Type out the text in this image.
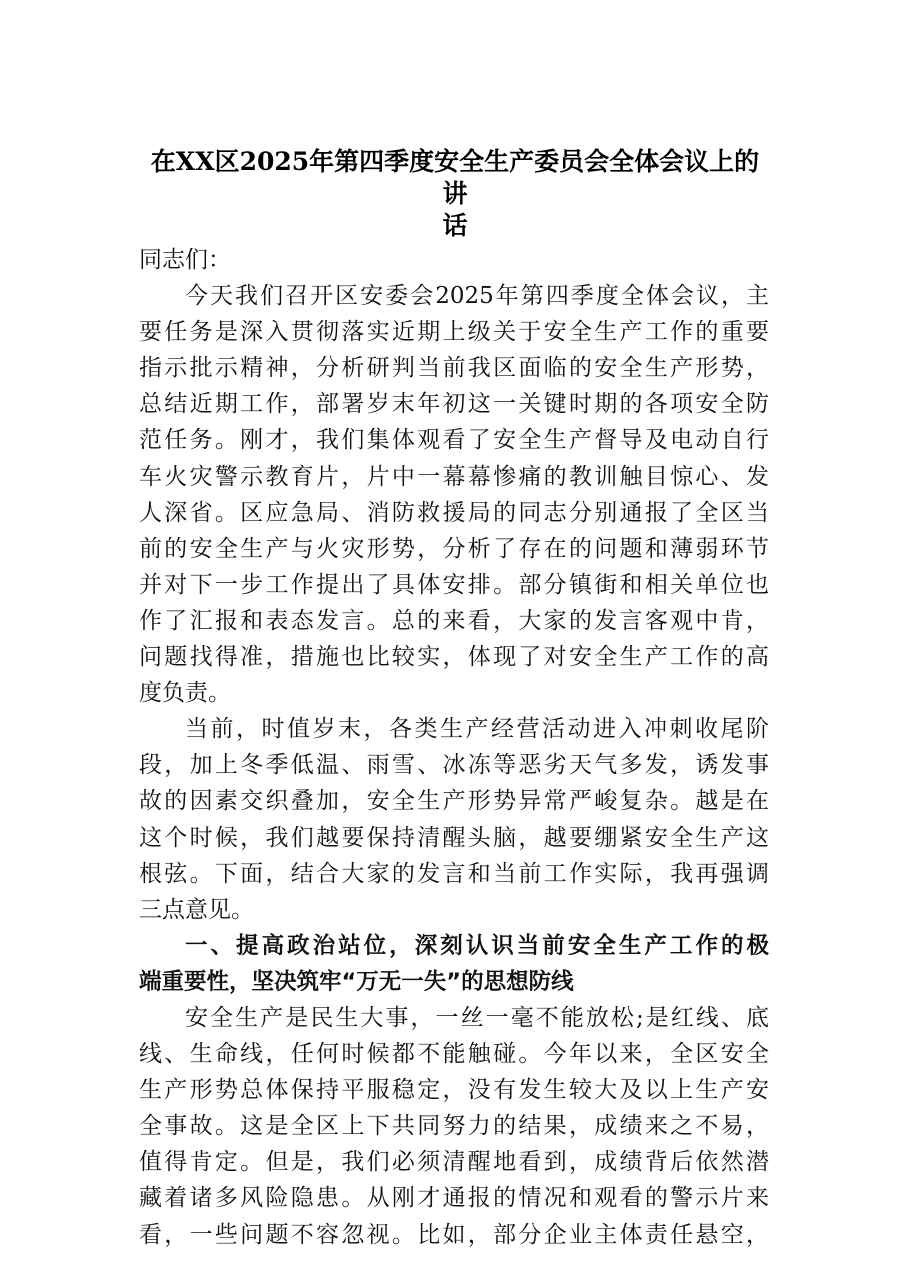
在XX区2025年第四季度安全生产委员会全体会议上的讲
话
同志们：
今天我们召开区安委会2025年第四季度全体会议，主
要任务是深入贯彻落实近期上级关于安全生产工作的重要
指示批示精神，分析研判当前我区面临的安全生产形势，
总结近期工作，部署岁末年初这一关键时期的各项安全防
范任务。刚才，我们集体观看了安全生产督导及电动自行
车火灾警示教育片，片中一幕幕惨痛的教训触目惊心、发
人深省。区应急局、消防救援局的同志分别通报了全区当
前的安全生产与火灾形势，分析了存在的问题和薄弱环节
并对下一步工作提出了具体安排。部分镇街和相关单位也
作了汇报和表态发言。总的来看，大家的发言客观中肯，
问题找得准，措施也比较实，体现了对安全生产工作的高
度负责。
当前，时值岁末，各类生产经营活动进入冲刺收尾阶
段，加上冬季低温、雨雪、冰冻等恶劣天气多发，诱发事
故的因素交织叠加，安全生产形势异常严峻复杂。越是在
这个时候，我们越要保持清醒头脑，越要绷紧安全生产这
根弦。下面，结合大家的发言和当前工作实际，我再强调
三点意见。
一、提高政治站位，深刻认识当前安全生产工作的极
端重要性，坚决筑牢“万无一失”的思想防线
安全生产是民生大事，一丝一毫不能放松;是红线、底
线、生命线，任何时候都不能触碰。今年以来，全区安全
生产形势总体保持平服稳定，没有发生较大及以上生产安
全事故。这是全区上下共同努力的结果，成绩来之不易，
值得肯定。但是，我们必须清醒地看到，成绩背后依然潜
藏着诸多风险隐患。从刚才通报的情况和观看的警示片来
看，一些问题不容忽视。比如，部分企业主体责任悬空，
